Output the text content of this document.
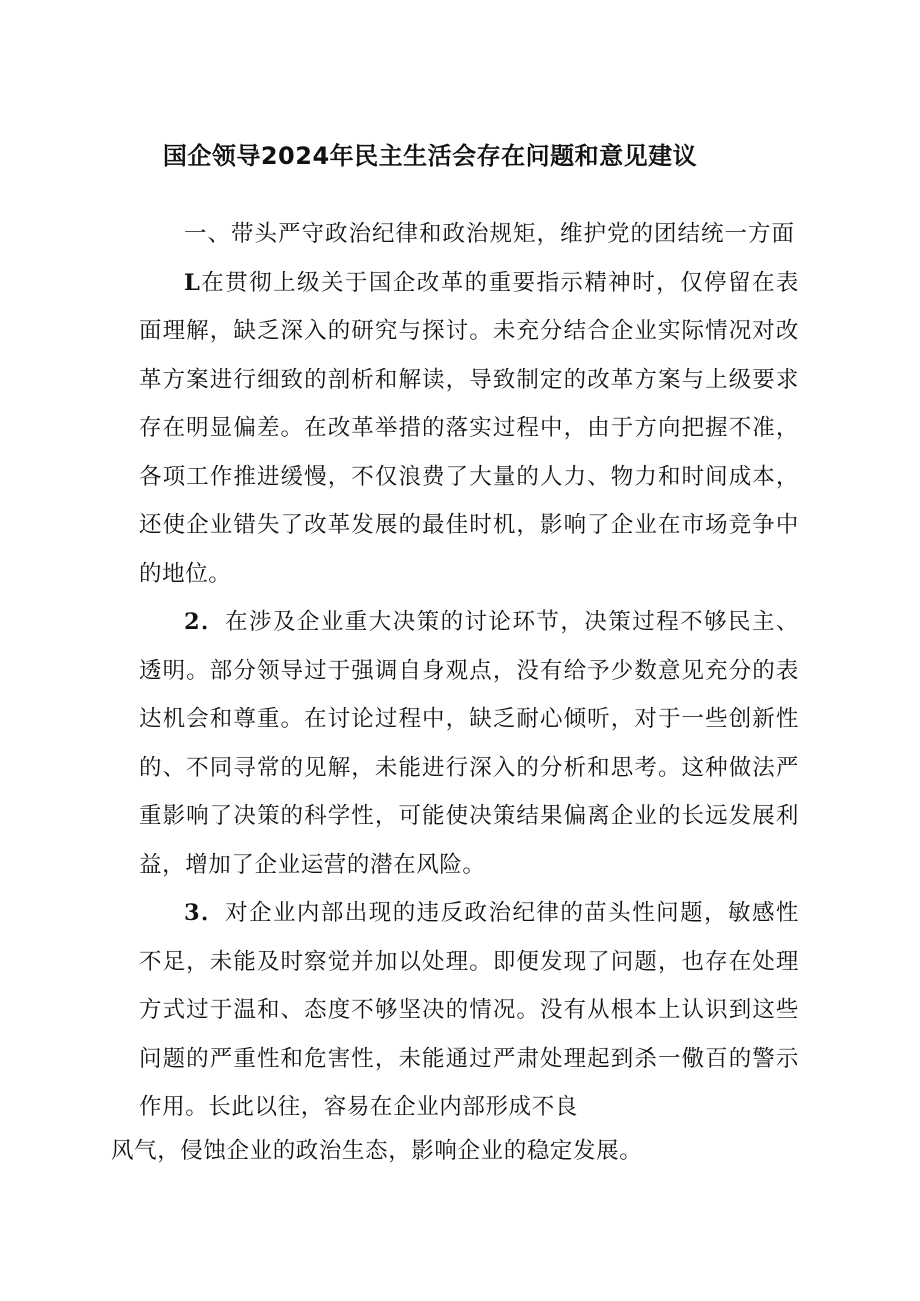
国企领导2024年民主生活会存在问题和意见建议

一、带头严守政治纪律和政治规矩，维护党的团结统一方面

L在贯彻上级关于国企改革的重要指示精神时，仅停留在表面理解，缺乏深入的研究与探讨。未充分结合企业实际情况对改革方案进行细致的剖析和解读，导致制定的改革方案与上级要求存在明显偏差。在改革举措的落实过程中，由于方向把握不准，各项工作推进缓慢，不仅浪费了大量的人力、物力和时间成本，还使企业错失了改革发展的最佳时机，影响了企业在市场竞争中的地位。

2．在涉及企业重大决策的讨论环节，决策过程不够民主、透明。部分领导过于强调自身观点，没有给予少数意见充分的表达机会和尊重。在讨论过程中，缺乏耐心倾听，对于一些创新性的、不同寻常的见解，未能进行深入的分析和思考。这种做法严重影响了决策的科学性，可能使决策结果偏离企业的长远发展利益，增加了企业运营的潜在风险。

3．对企业内部出现的违反政治纪律的苗头性问题，敏感性不足，未能及时察觉并加以处理。即便发现了问题，也存在处理方式过于温和、态度不够坚决的情况。没有从根本上认识到这些问题的严重性和危害性，未能通过严肃处理起到杀一儆百的警示作用。长此以往，容易在企业内部形成不良

风气，侵蚀企业的政治生态，影响企业的稳定发展。
